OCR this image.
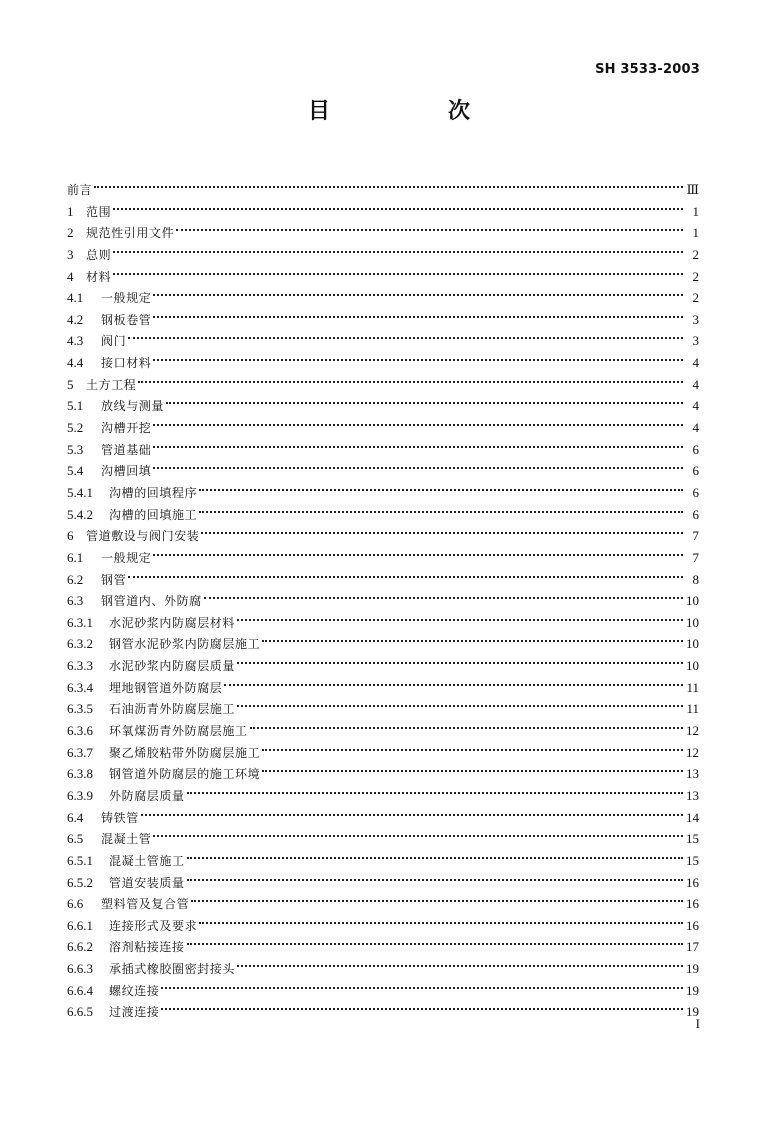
SH 3533-2003
目	次
前言	Ⅲ
1	范围	1
2	规范性引用文件	1
3	总则	2
4	材料	2
4.1	一般规定	2
4.2	钢板卷管	3
4.3	阀门	3
4.4	接口材料	4
5	土方工程	4
5.1	放线与测量	4
5.2	沟槽开挖	4
5.3	管道基础	6
5.4	沟槽回填	6
5.4.1	沟槽的回填程序	6
5.4.2	沟槽的回填施工	6
6	管道敷设与阀门安装	7
6.1	一般规定	7
6.2	钢管	8
6.3	钢管道内、外防腐	10
6.3.1	水泥砂浆内防腐层材料	10
6.3.2	钢管水泥砂浆内防腐层施工	10
6.3.3	水泥砂浆内防腐层质量	10
6.3.4	埋地钢管道外防腐层	11
6.3.5	石油沥青外防腐层施工	11
6.3.6	环氧煤沥青外防腐层施工	12
6.3.7	聚乙烯胶粘带外防腐层施工	12
6.3.8	钢管道外防腐层的施工环境	13
6.3.9	外防腐层质量	13
6.4	铸铁管	14
6.5	混凝土管	15
6.5.1	混凝土管施工	15
6.5.2	管道安装质量	16
6.6	塑料管及复合管	16
6.6.1	连接形式及要求	16
6.6.2	溶剂粘接连接	17
6.6.3	承插式橡胶圈密封接头	19
6.6.4	螺纹连接	19
6.6.5	过渡连接	19
I
